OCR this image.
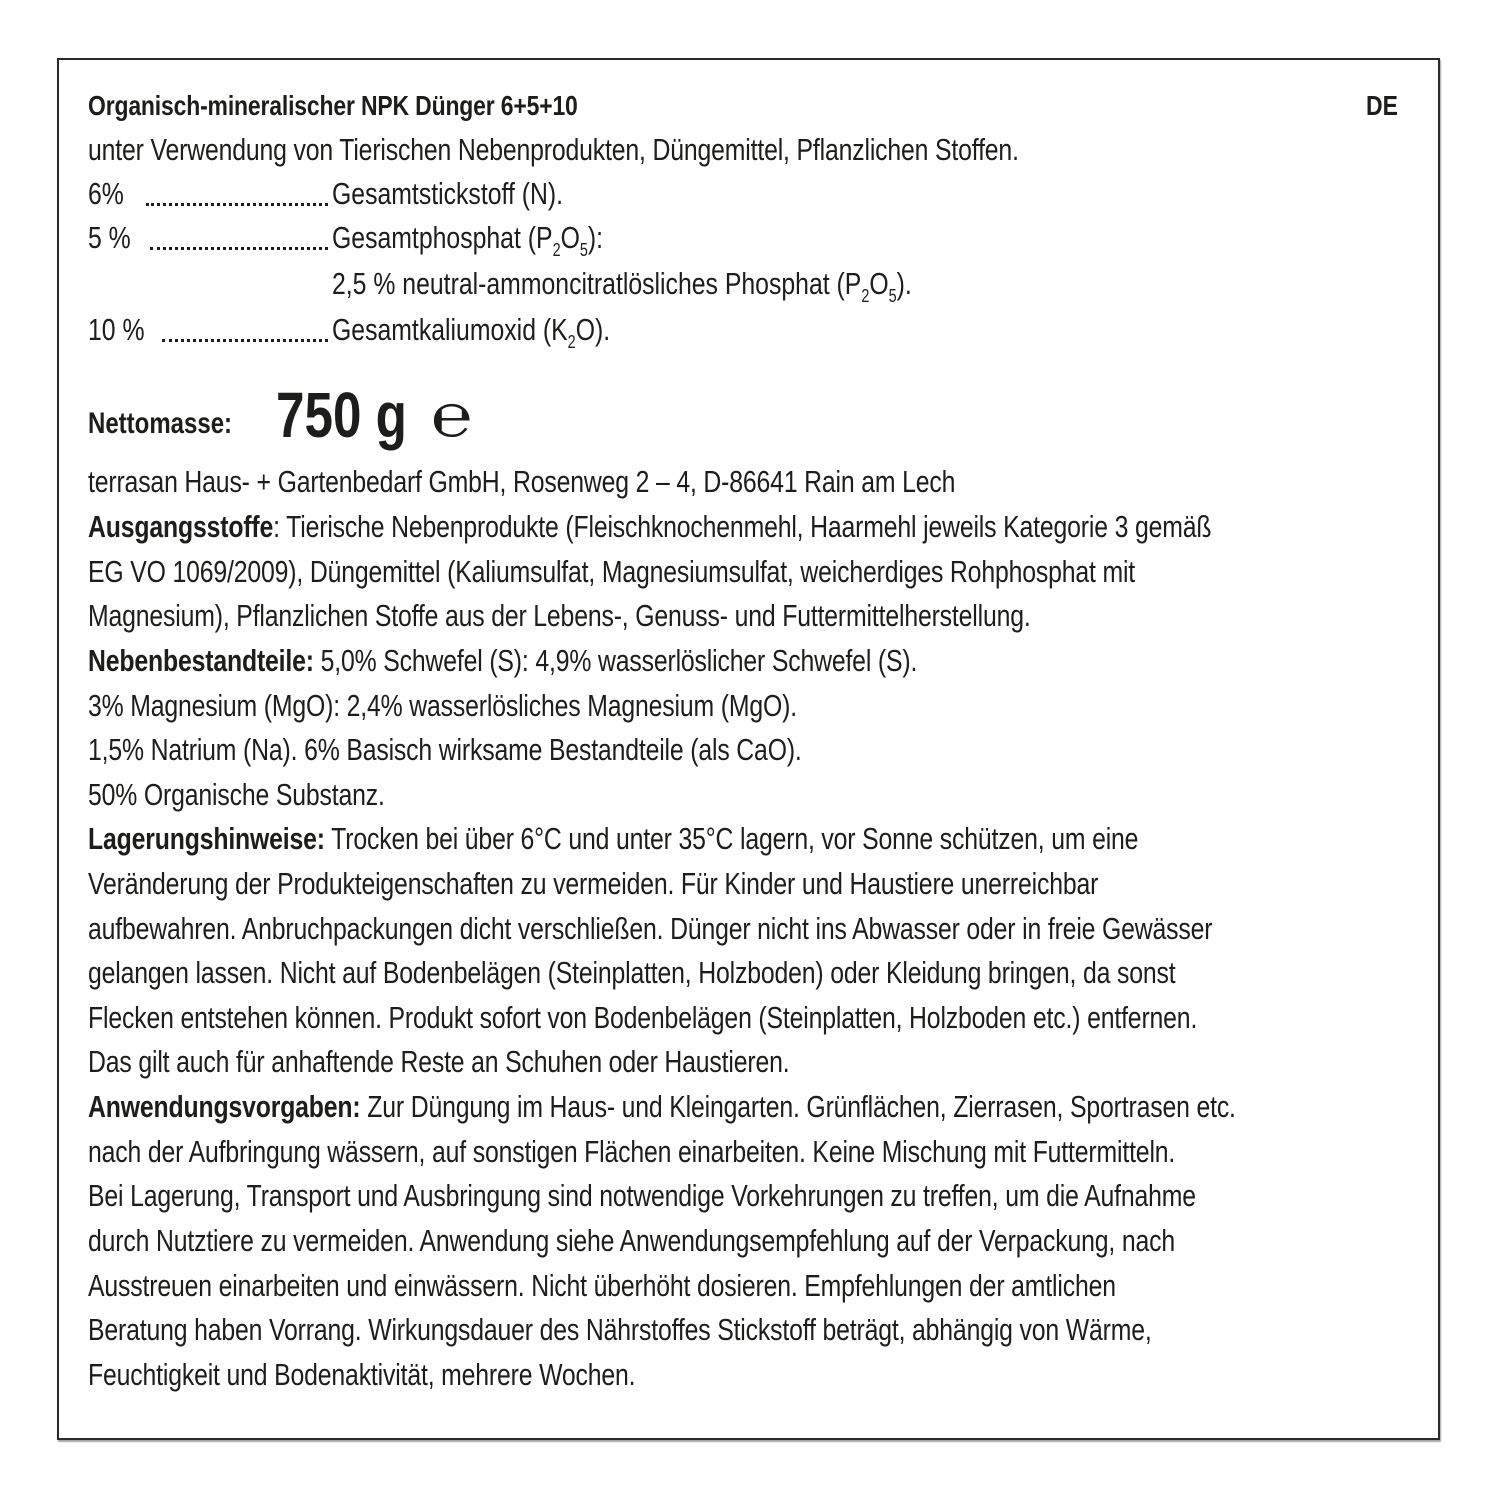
Organisch-mineralischer NPK Dünger 6+5+10	DE
unter Verwendung von Tierischen Nebenprodukten, Düngemittel, Pflanzlichen Stoffen.
6%	Gesamtstickstoff (N).
5 %	Gesamtphosphat $(P_2O_5)$:
2,5 % neutral-ammoncitratlösliches Phosphat $(P_2O_5)$.
10 %	Gesamtkaliumoxid $(K_2O)$.
Nettomasse: 750 g ℮
terrasan Haus- + Gartenbedarf GmbH, Rosenweg 2 – 4, D-86641 Rain am Lech
Ausgangsstoffe: Tierische Nebenprodukte (Fleischknochenmehl, Haarmehl jeweils Kategorie 3 gemäß
EG VO 1069/2009), Düngemittel (Kaliumsulfat, Magnesiumsulfat, weicherdiges Rohphosphat mit
Magnesium), Pflanzlichen Stoffe aus der Lebens-, Genuss- und Futtermittelherstellung.
Nebenbestandteile: 5,0% Schwefel (S): 4,9% wasserlöslicher Schwefel (S).
3% Magnesium (MgO): 2,4% wasserlösliches Magnesium (MgO).
1,5% Natrium (Na). 6% Basisch wirksame Bestandteile (als CaO).
50% Organische Substanz.
Lagerungshinweise: Trocken bei über 6°C und unter 35°C lagern, vor Sonne schützen, um eine
Veränderung der Produkteigenschaften zu vermeiden. Für Kinder und Haustiere unerreichbar
aufbewahren. Anbruchpackungen dicht verschließen. Dünger nicht ins Abwasser oder in freie Gewässer
gelangen lassen. Nicht auf Bodenbelägen (Steinplatten, Holzboden) oder Kleidung bringen, da sonst
Flecken entstehen können. Produkt sofort von Bodenbelägen (Steinplatten, Holzboden etc.) entfernen.
Das gilt auch für anhaftende Reste an Schuhen oder Haustieren.
Anwendungsvorgaben: Zur Düngung im Haus- und Kleingarten. Grünflächen, Zierrasen, Sportrasen etc.
nach der Aufbringung wässern, auf sonstigen Flächen einarbeiten. Keine Mischung mit Futtermitteln.
Bei Lagerung, Transport und Ausbringung sind notwendige Vorkehrungen zu treffen, um die Aufnahme
durch Nutztiere zu vermeiden. Anwendung siehe Anwendungsempfehlung auf der Verpackung, nach
Ausstreuen einarbeiten und einwässern. Nicht überhöht dosieren. Empfehlungen der amtlichen
Beratung haben Vorrang. Wirkungsdauer des Nährstoffes Stickstoff beträgt, abhängig von Wärme,
Feuchtigkeit und Bodenaktivität, mehrere Wochen.
